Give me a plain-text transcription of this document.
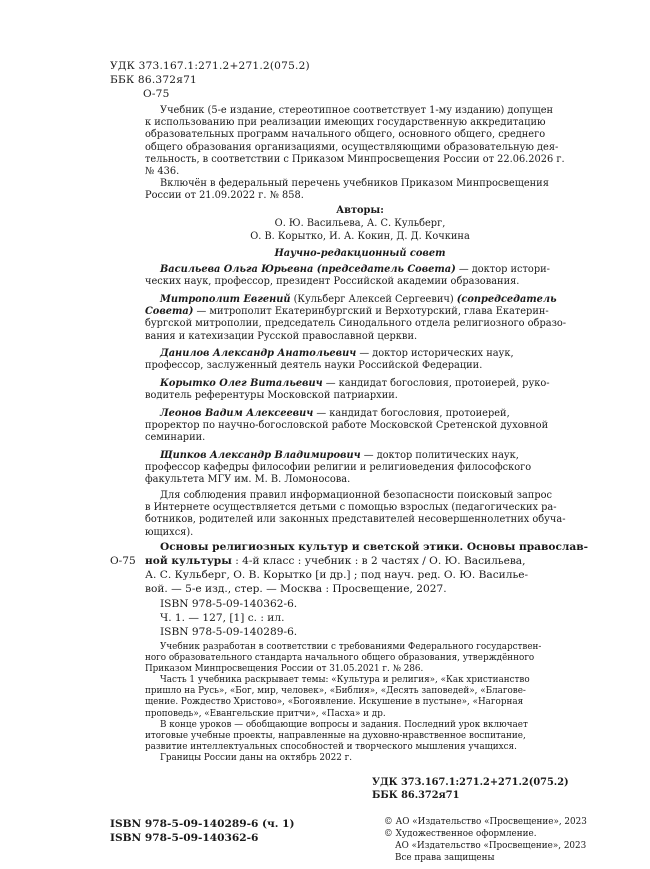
УДК 373.167.1:271.2+271.2(075.2)
ББК 86.372я71
О-75
Учебник (5-е издание, стереотипное соответствует 1-му изданию) допущен
к использованию при реализации имеющих государственную аккредитацию
образовательных программ начального общего, основного общего, среднего
общего образования организациями, осуществляющими образовательную дея-
тельность, в соответствии с Приказом Минпросвещения России от 22.06.2026 г.
№ 436.
Включён в федеральный перечень учебников Приказом Минпросвещения
России от 21.09.2022 г. № 858.
Авторы:
О. Ю. Васильева, А. С. Кульберг,
О. В. Корытко, И. А. Кокин, Д. Д. Кочкина
Научно-редакционный совет
Васильева Ольга Юрьевна (председатель Совета) — доктор истори-
ческих наук, профессор, президент Российской академии образования.
Митрополит Евгений (Кульберг Алексей Сергеевич) (сопредседатель
Совета) — митрополит Екатеринбургский и Верхотурский, глава Екатерин-
бургской митрополии, председатель Синодального отдела религиозного образо-
вания и катехизации Русской православной церкви.
Данилов Александр Анатольевич — доктор исторических наук,
профессор, заслуженный деятель науки Российской Федерации.
Корытко Олег Витальевич — кандидат богословия, протоиерей, руко-
водитель референтуры Московской патриархии.
Леонов Вадим Алексеевич — кандидат богословия, протоиерей,
проректор по научно-богословской работе Московской Сретенской духовной
семинарии.
Щипков Александр Владимирович — доктор политических наук,
профессор кафедры философии религии и религиоведения философского
факультета МГУ им. М. В. Ломоносова.
Для соблюдения правил информационной безопасности поисковый запрос
в Интернете осуществляется детьми с помощью взрослых (педагогических ра-
ботников, родителей или законных представителей несовершеннолетних обуча-
ющихся).
Основы религиозных культур и светской этики. Основы православ-
О-75 ной культуры : 4-й класс : учебник : в 2 частях / О. Ю. Васильева,
А. С. Кульберг, О. В. Корытко [и др.] ; под науч. ред. О. Ю. Василье-
вой. — 5-е изд., стер. — Москва : Просвещение, 2027.
ISBN 978-5-09-140362-6.
Ч. 1. — 127, [1] с. : ил.
ISBN 978-5-09-140289-6.
Учебник разработан в соответствии с требованиями Федерального государствен-
ного образовательного стандарта начального общего образования, утверждённого
Приказом Минпросвещения России от 31.05.2021 г. № 286.
Часть 1 учебника раскрывает темы: «Культура и религия», «Как христианство
пришло на Русь», «Бог, мир, человек», «Библия», «Десять заповедей», «Благове-
щение. Рождество Христово», «Богоявление. Искушение в пустыне», «Нагорная
проповедь», «Евангельские притчи», «Пасха» и др.
В конце уроков — обобщающие вопросы и задания. Последний урок включает
итоговые учебные проекты, направленные на духовно-нравственное воспитание,
развитие интеллектуальных способностей и творческого мышления учащихся.
Границы России даны на октябрь 2022 г.
УДК 373.167.1:271.2+271.2(075.2)
ББК 86.372я71
ISBN 978-5-09-140289-6 (ч. 1)
ISBN 978-5-09-140362-6
© АО «Издательство «Просвещение», 2023
© Художественное оформление.
АО «Издательство «Просвещение», 2023
Все права защищены
